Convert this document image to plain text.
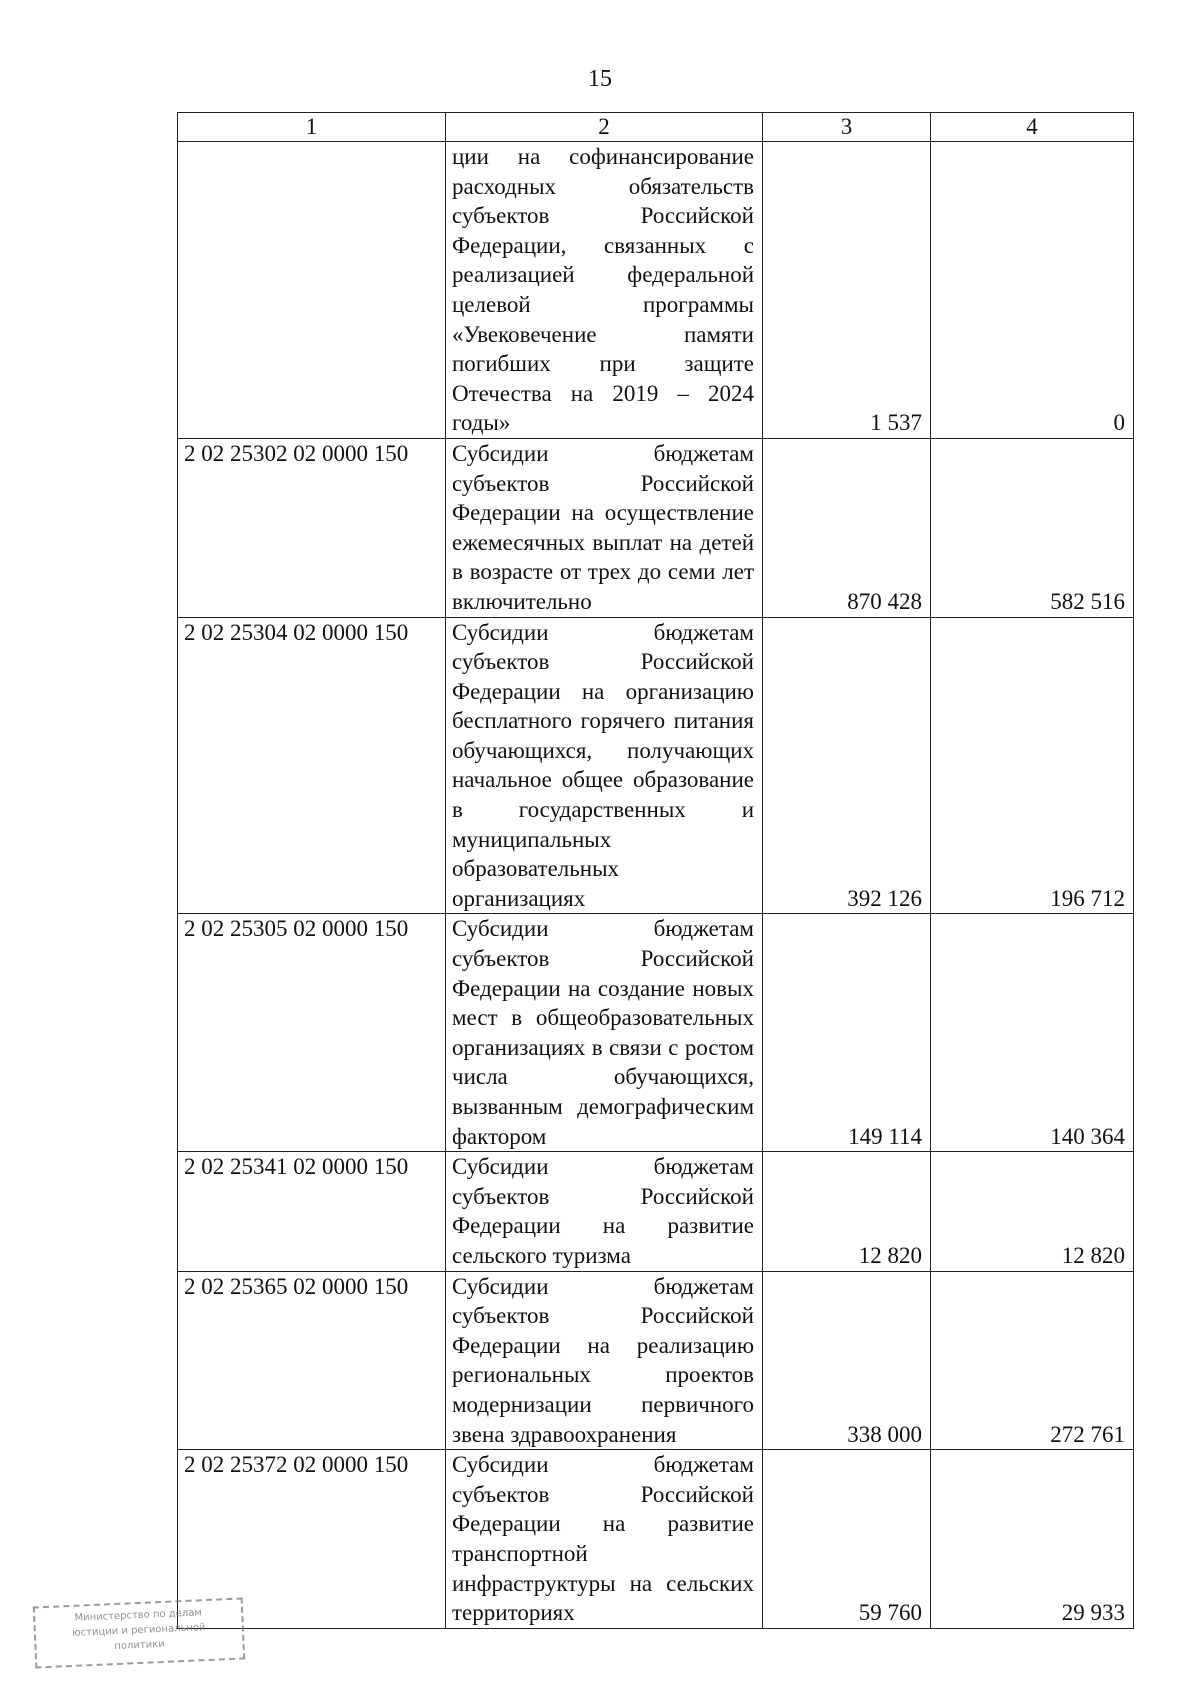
15
1	2	3	4
	ции на софинансирование расходных обязательств субъектов Российской Федерации, связанных с реализацией федеральной целевой программы «Увековечение памяти погибших при защите Отечества на 2019 – 2024 годы»	1 537	0
2 02 25302 02 0000 150	Субсидии бюджетам субъектов Российской Федерации на осуществление ежемесячных выплат на детей в возрасте от трех до семи лет включительно	870 428	582 516
2 02 25304 02 0000 150	Субсидии бюджетам субъектов Российской Федерации на организацию бесплатного горячего питания обучающихся, получающих начальное общее образование в государственных и муниципальных образовательных организациях	392 126	196 712
2 02 25305 02 0000 150	Субсидии бюджетам субъектов Российской Федерации на создание новых мест в общеобразовательных организациях в связи с ростом числа обучающихся, вызванным демографическим фактором	149 114	140 364
2 02 25341 02 0000 150	Субсидии бюджетам субъектов Российской Федерации на развитие сельского туризма	12 820	12 820
2 02 25365 02 0000 150	Субсидии бюджетам субъектов Российской Федерации на реализацию региональных проектов модернизации первичного звена здравоохранения	338 000	272 761
2 02 25372 02 0000 150	Субсидии бюджетам субъектов Российской Федерации на развитие транспортной инфраструктуры на сельских территориях	59 760	29 933
Министерство по делам
юстиции и региональной
политики
